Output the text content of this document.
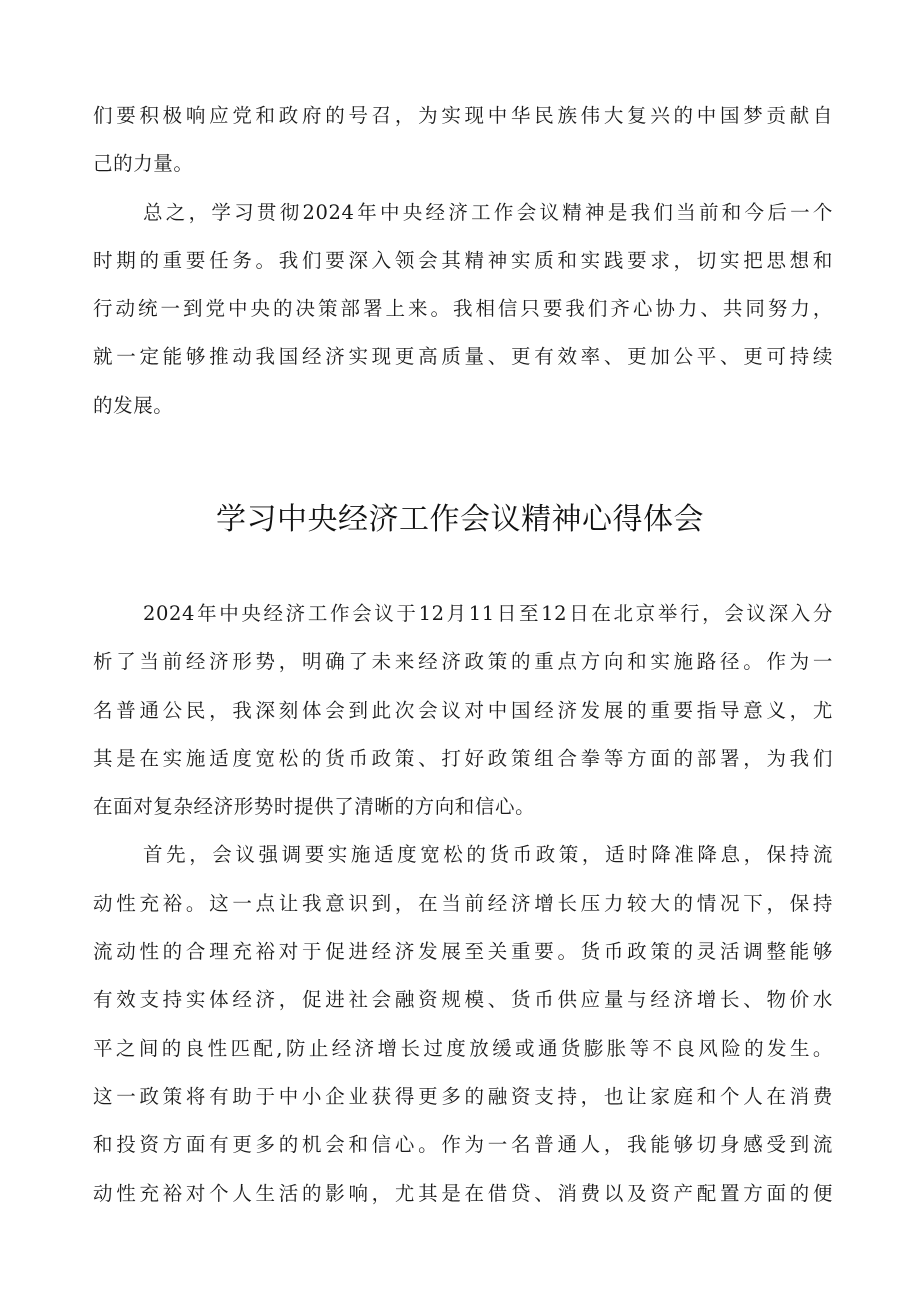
们要积极响应党和政府的号召，为实现中华民族伟大复兴的中国梦贡献自
己的力量。
总之，学习贯彻2024年中央经济工作会议精神是我们当前和今后一个
时期的重要任务。我们要深入领会其精神实质和实践要求，切实把思想和
行动统一到党中央的决策部署上来。我相信只要我们齐心协力、共同努力，
就一定能够推动我国经济实现更高质量、更有效率、更加公平、更可持续
的发展。
学习中央经济工作会议精神心得体会
2024年中央经济工作会议于12月11日至12日在北京举行，会议深入分
析了当前经济形势，明确了未来经济政策的重点方向和实施路径。作为一
名普通公民，我深刻体会到此次会议对中国经济发展的重要指导意义，尤
其是在实施适度宽松的货币政策、打好政策组合拳等方面的部署，为我们
在面对复杂经济形势时提供了清晰的方向和信心。
首先，会议强调要实施适度宽松的货币政策，适时降准降息，保持流
动性充裕。这一点让我意识到，在当前经济增长压力较大的情况下，保持
流动性的合理充裕对于促进经济发展至关重要。货币政策的灵活调整能够
有效支持实体经济，促进社会融资规模、货币供应量与经济增长、物价水
平之间的良性匹配,防止经济增长过度放缓或通货膨胀等不良风险的发生。
这一政策将有助于中小企业获得更多的融资支持，也让家庭和个人在消费
和投资方面有更多的机会和信心。作为一名普通人，我能够切身感受到流
动性充裕对个人生活的影响，尤其是在借贷、消费以及资产配置方面的便
